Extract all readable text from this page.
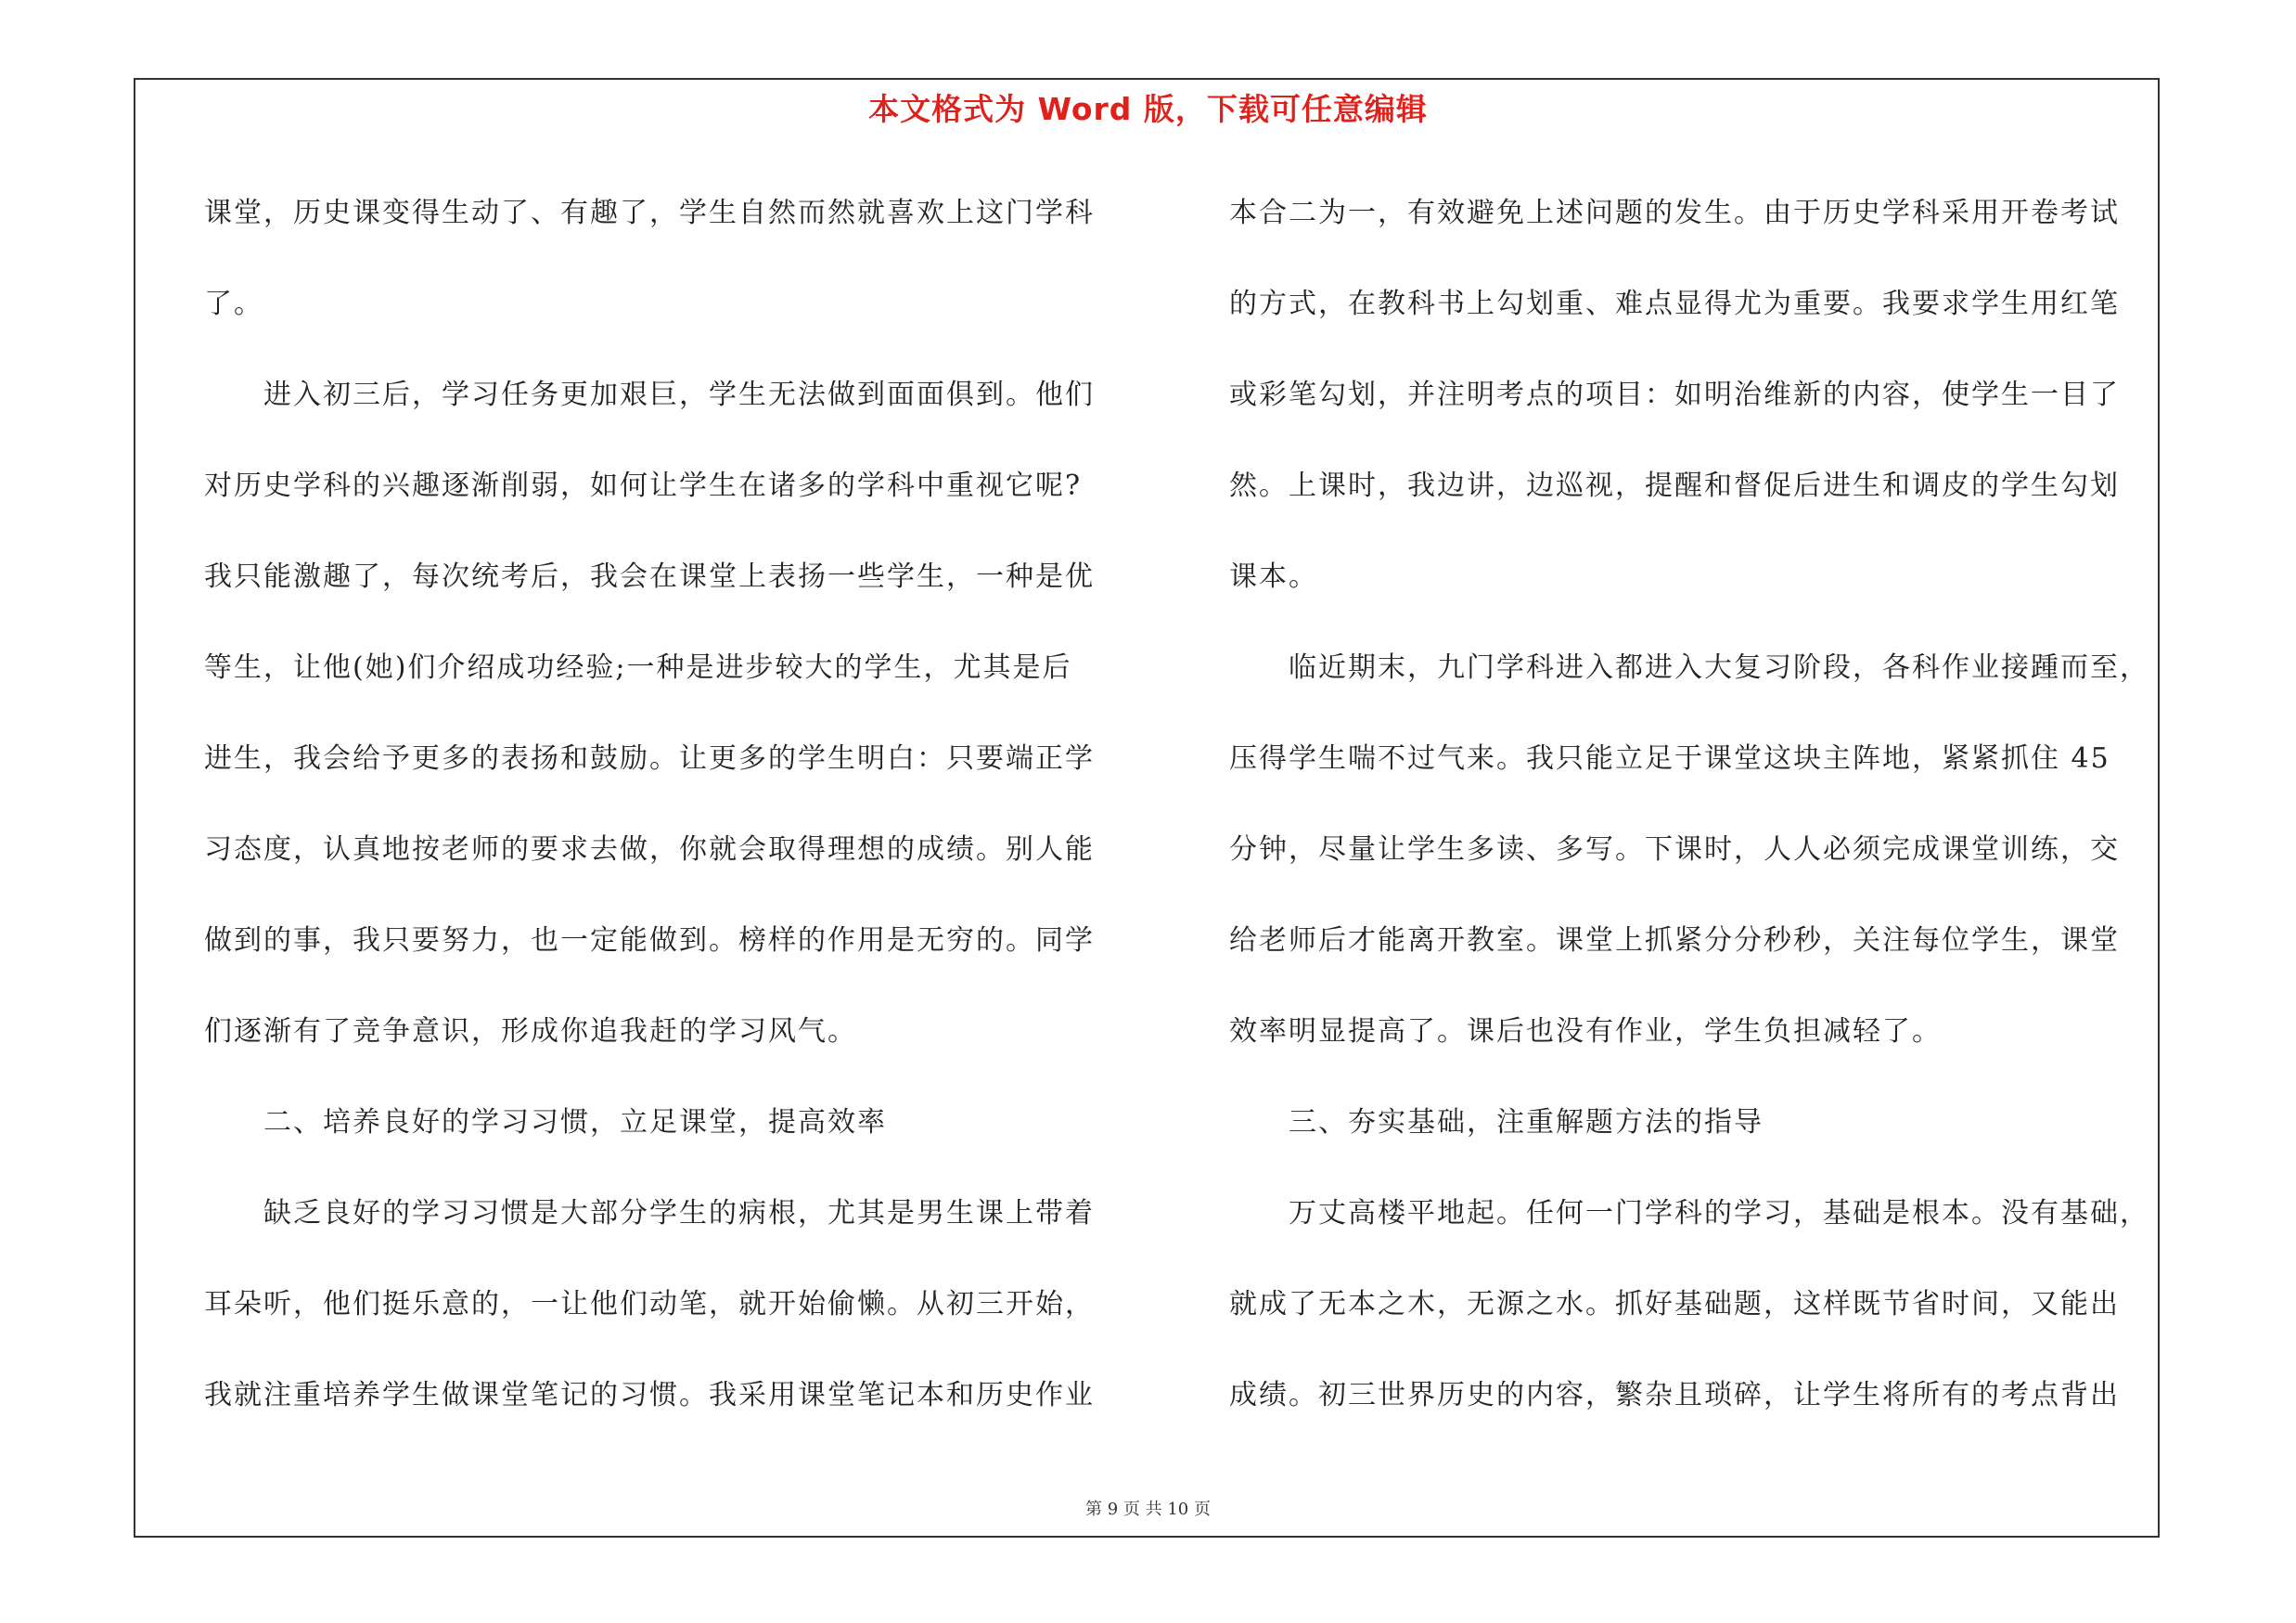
本文格式为 Word 版，下载可任意编辑
课堂，历史课变得生动了、有趣了，学生自然而然就喜欢上这门学科
了。
　　进入初三后，学习任务更加艰巨，学生无法做到面面俱到。他们
对历史学科的兴趣逐渐削弱，如何让学生在诸多的学科中重视它呢?
我只能激趣了，每次统考后，我会在课堂上表扬一些学生，一种是优
等生，让他(她)们介绍成功经验;一种是进步较大的学生，尤其是后
进生，我会给予更多的表扬和鼓励。让更多的学生明白：只要端正学
习态度，认真地按老师的要求去做，你就会取得理想的成绩。别人能
做到的事，我只要努力，也一定能做到。榜样的作用是无穷的。同学
们逐渐有了竞争意识，形成你追我赶的学习风气。
　　二、培养良好的学习习惯，立足课堂，提高效率
　　缺乏良好的学习习惯是大部分学生的病根，尤其是男生课上带着
耳朵听，他们挺乐意的，一让他们动笔，就开始偷懒。从初三开始，
我就注重培养学生做课堂笔记的习惯。我采用课堂笔记本和历史作业
本合二为一，有效避免上述问题的发生。由于历史学科采用开卷考试
的方式，在教科书上勾划重、难点显得尤为重要。我要求学生用红笔
或彩笔勾划，并注明考点的项目：如明治维新的内容，使学生一目了
然。上课时，我边讲，边巡视，提醒和督促后进生和调皮的学生勾划
课本。
　　临近期末，九门学科进入都进入大复习阶段，各科作业接踵而至，
压得学生喘不过气来。我只能立足于课堂这块主阵地，紧紧抓住 45
分钟，尽量让学生多读、多写。下课时，人人必须完成课堂训练，交
给老师后才能离开教室。课堂上抓紧分分秒秒，关注每位学生，课堂
效率明显提高了。课后也没有作业，学生负担减轻了。
　　三、夯实基础，注重解题方法的指导
　　万丈高楼平地起。任何一门学科的学习，基础是根本。没有基础，
就成了无本之木，无源之水。抓好基础题，这样既节省时间，又能出
成绩。初三世界历史的内容，繁杂且琐碎，让学生将所有的考点背出
第 9 页 共 10 页
